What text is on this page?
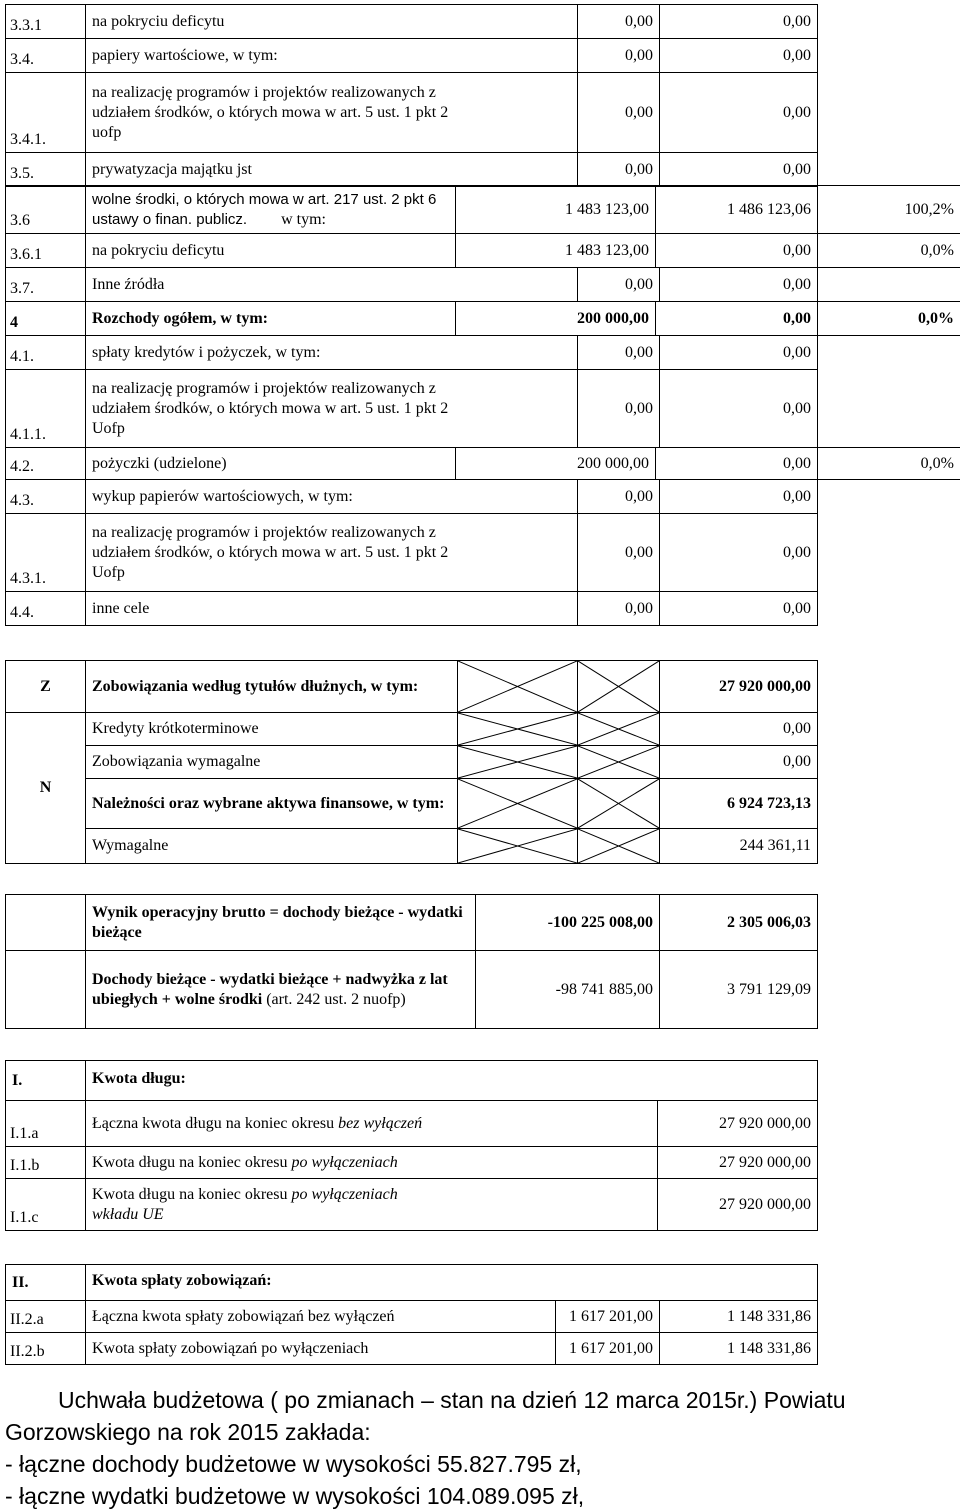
3.3.1	na pokryciu deficytu	0,00	0,00
3.4.	papiery wartościowe, w tym:	0,00	0,00
3.4.1.	na realizację programów i projektów realizowanych z udziałem środków, o których mowa w art. 5 ust. 1 pkt 2 uofp	0,00	0,00
3.5.	prywatyzacja majątku jst	0,00	0,00
3.6	wolne środki, o których mowa w art. 217 ust. 2 pkt 6 ustawy o finan. publicz. w tym:	1 483 123,00	1 486 123,06	100,2%
3.6.1	na pokryciu deficytu	1 483 123,00	0,00	0,0%
3.7.	Inne źródła	0,00	0,00
4	Rozchody ogółem, w tym:	200 000,00	0,00	0,0%
4.1.	spłaty kredytów i pożyczek, w tym:	0,00	0,00
4.1.1.	na realizację programów i projektów realizowanych z udziałem środków, o których mowa w art. 5 ust. 1 pkt 2 Uofp	0,00	0,00
4.2.	pożyczki (udzielone)	200 000,00	0,00	0,0%
4.3.	wykup papierów wartościowych, w tym:	0,00	0,00
4.3.1.	na realizację programów i projektów realizowanych z udziałem środków, o których mowa w art. 5 ust. 1 pkt 2 Uofp	0,00	0,00
4.4.	inne cele	0,00	0,00
Z	Zobowiązania według tytułów dłużnych, w tym:			27 920 000,00
N	Kredyty krótkoterminowe			0,00
	Zobowiązania wymagalne			0,00
	Należności oraz wybrane aktywa finansowe, w tym:			6 924 723,13
	Wymagalne			244 361,11
	Wynik operacyjny brutto = dochody bieżące - wydatki bieżące	-100 225 008,00	2 305 006,03
	Dochody bieżące - wydatki bieżące + nadwyżka z lat ubiegłych + wolne środki (art. 242 ust. 2 nuofp)	-98 741 885,00	3 791 129,09
I.	Kwota długu:	
I.1.a	Łączna kwota długu na koniec okresu bez wyłączeń	27 920 000,00
I.1.b	Kwota długu na koniec okresu po wyłączeniach	27 920 000,00
I.1.c	Kwota długu na koniec okresu po wyłączeniach wkładu UE	27 920 000,00
II.	Kwota spłaty zobowiązań:		
II.2.a	Łączna kwota spłaty zobowiązań bez wyłączeń	1 617 201,00	1 148 331,86
II.2.b	Kwota spłaty zobowiązań po wyłączeniach	1 617 201,00	1 148 331,86
Uchwała budżetowa ( po zmianach – stan na dzień 12 marca 2015r.) Powiatu
Gorzowskiego na rok 2015 zakłada:
- łączne dochody budżetowe w wysokości 55.827.795 zł,
- łączne wydatki budżetowe w wysokości 104.089.095 zł,
